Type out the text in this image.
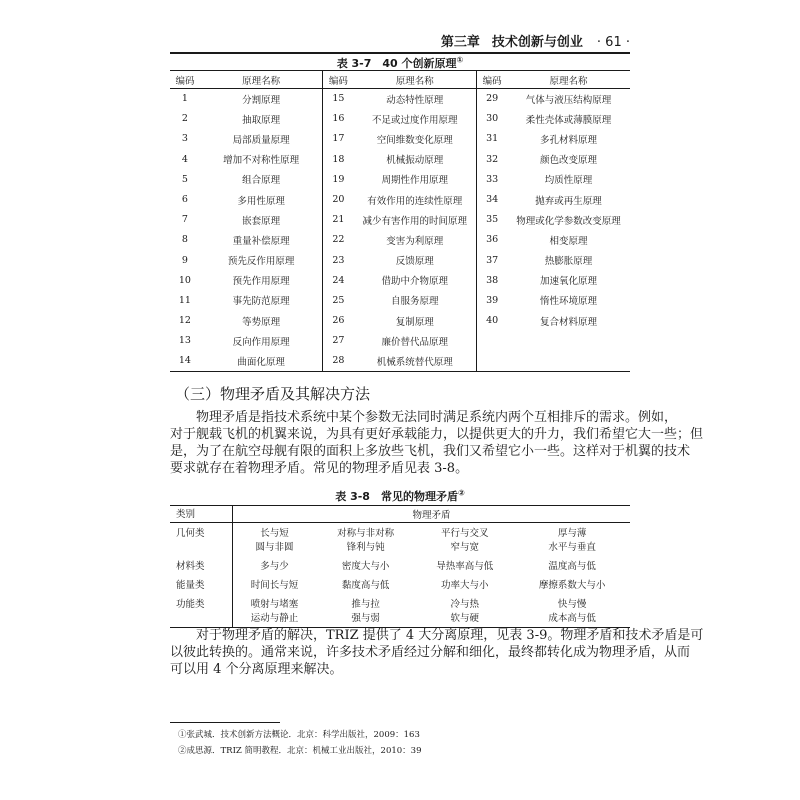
第三章 技术创新与创业 · 61 ·
表 3-7　40 个创新原理①
编码	原理名称	编码	原理名称	编码	原理名称
1	分割原理	15	动态特性原理	29	气体与液压结构原理
2	抽取原理	16	不足或过度作用原理	30	柔性壳体或薄膜原理
3	局部质量原理	17	空间维数变化原理	31	多孔材料原理
4	增加不对称性原理	18	机械振动原理	32	颜色改变原理
5	组合原理	19	周期性作用原理	33	均质性原理
6	多用性原理	20	有效作用的连续性原理	34	抛弃或再生原理
7	嵌套原理	21	减少有害作用的时间原理	35	物理或化学参数改变原理
8	重量补偿原理	22	变害为利原理	36	相变原理
9	预先反作用原理	23	反馈原理	37	热膨胀原理
10	预先作用原理	24	借助中介物原理	38	加速氧化原理
11	事先防范原理	25	自服务原理	39	惰性环境原理
12	等势原理	26	复制原理	40	复合材料原理
13	反向作用原理	27	廉价替代品原理		
14	曲面化原理	28	机械系统替代原理		
（三）物理矛盾及其解决方法
　　物理矛盾是指技术系统中某个参数无法同时满足系统内两个互相排斥的需求。例如，
对于舰载飞机的机翼来说，为具有更好承载能力，以提供更大的升力，我们希望它大一些；但
是，为了在航空母舰有限的面积上多放些飞机，我们又希望它小一些。这样对于机翼的技术
要求就存在着物理矛盾。常见的物理矛盾见表 3-8。
表 3-8　常见的物理矛盾②
类别	物理矛盾			
几何类	长与短	对称与非对称	平行与交叉	厚与薄
	圆与非圆	锋利与钝	窄与宽	水平与垂直
材料类	多与少	密度大与小	导热率高与低	温度高与低
能量类	时间长与短	黏度高与低	功率大与小	摩擦系数大与小
功能类	喷射与堵塞	推与拉	冷与热	快与慢
	运动与静止	强与弱	软与硬	成本高与低
　　对于物理矛盾的解决，TRIZ 提供了 4 大分离原理，见表 3-9。物理矛盾和技术矛盾是可
以彼此转换的。通常来说，许多技术矛盾经过分解和细化，最终都转化成为物理矛盾，从而
可以用 4 个分离原理来解决。
①张武城．技术创新方法概论．北京：科学出版社，2009：163
②成思源．TRIZ 简明教程．北京：机械工业出版社，2010：39
